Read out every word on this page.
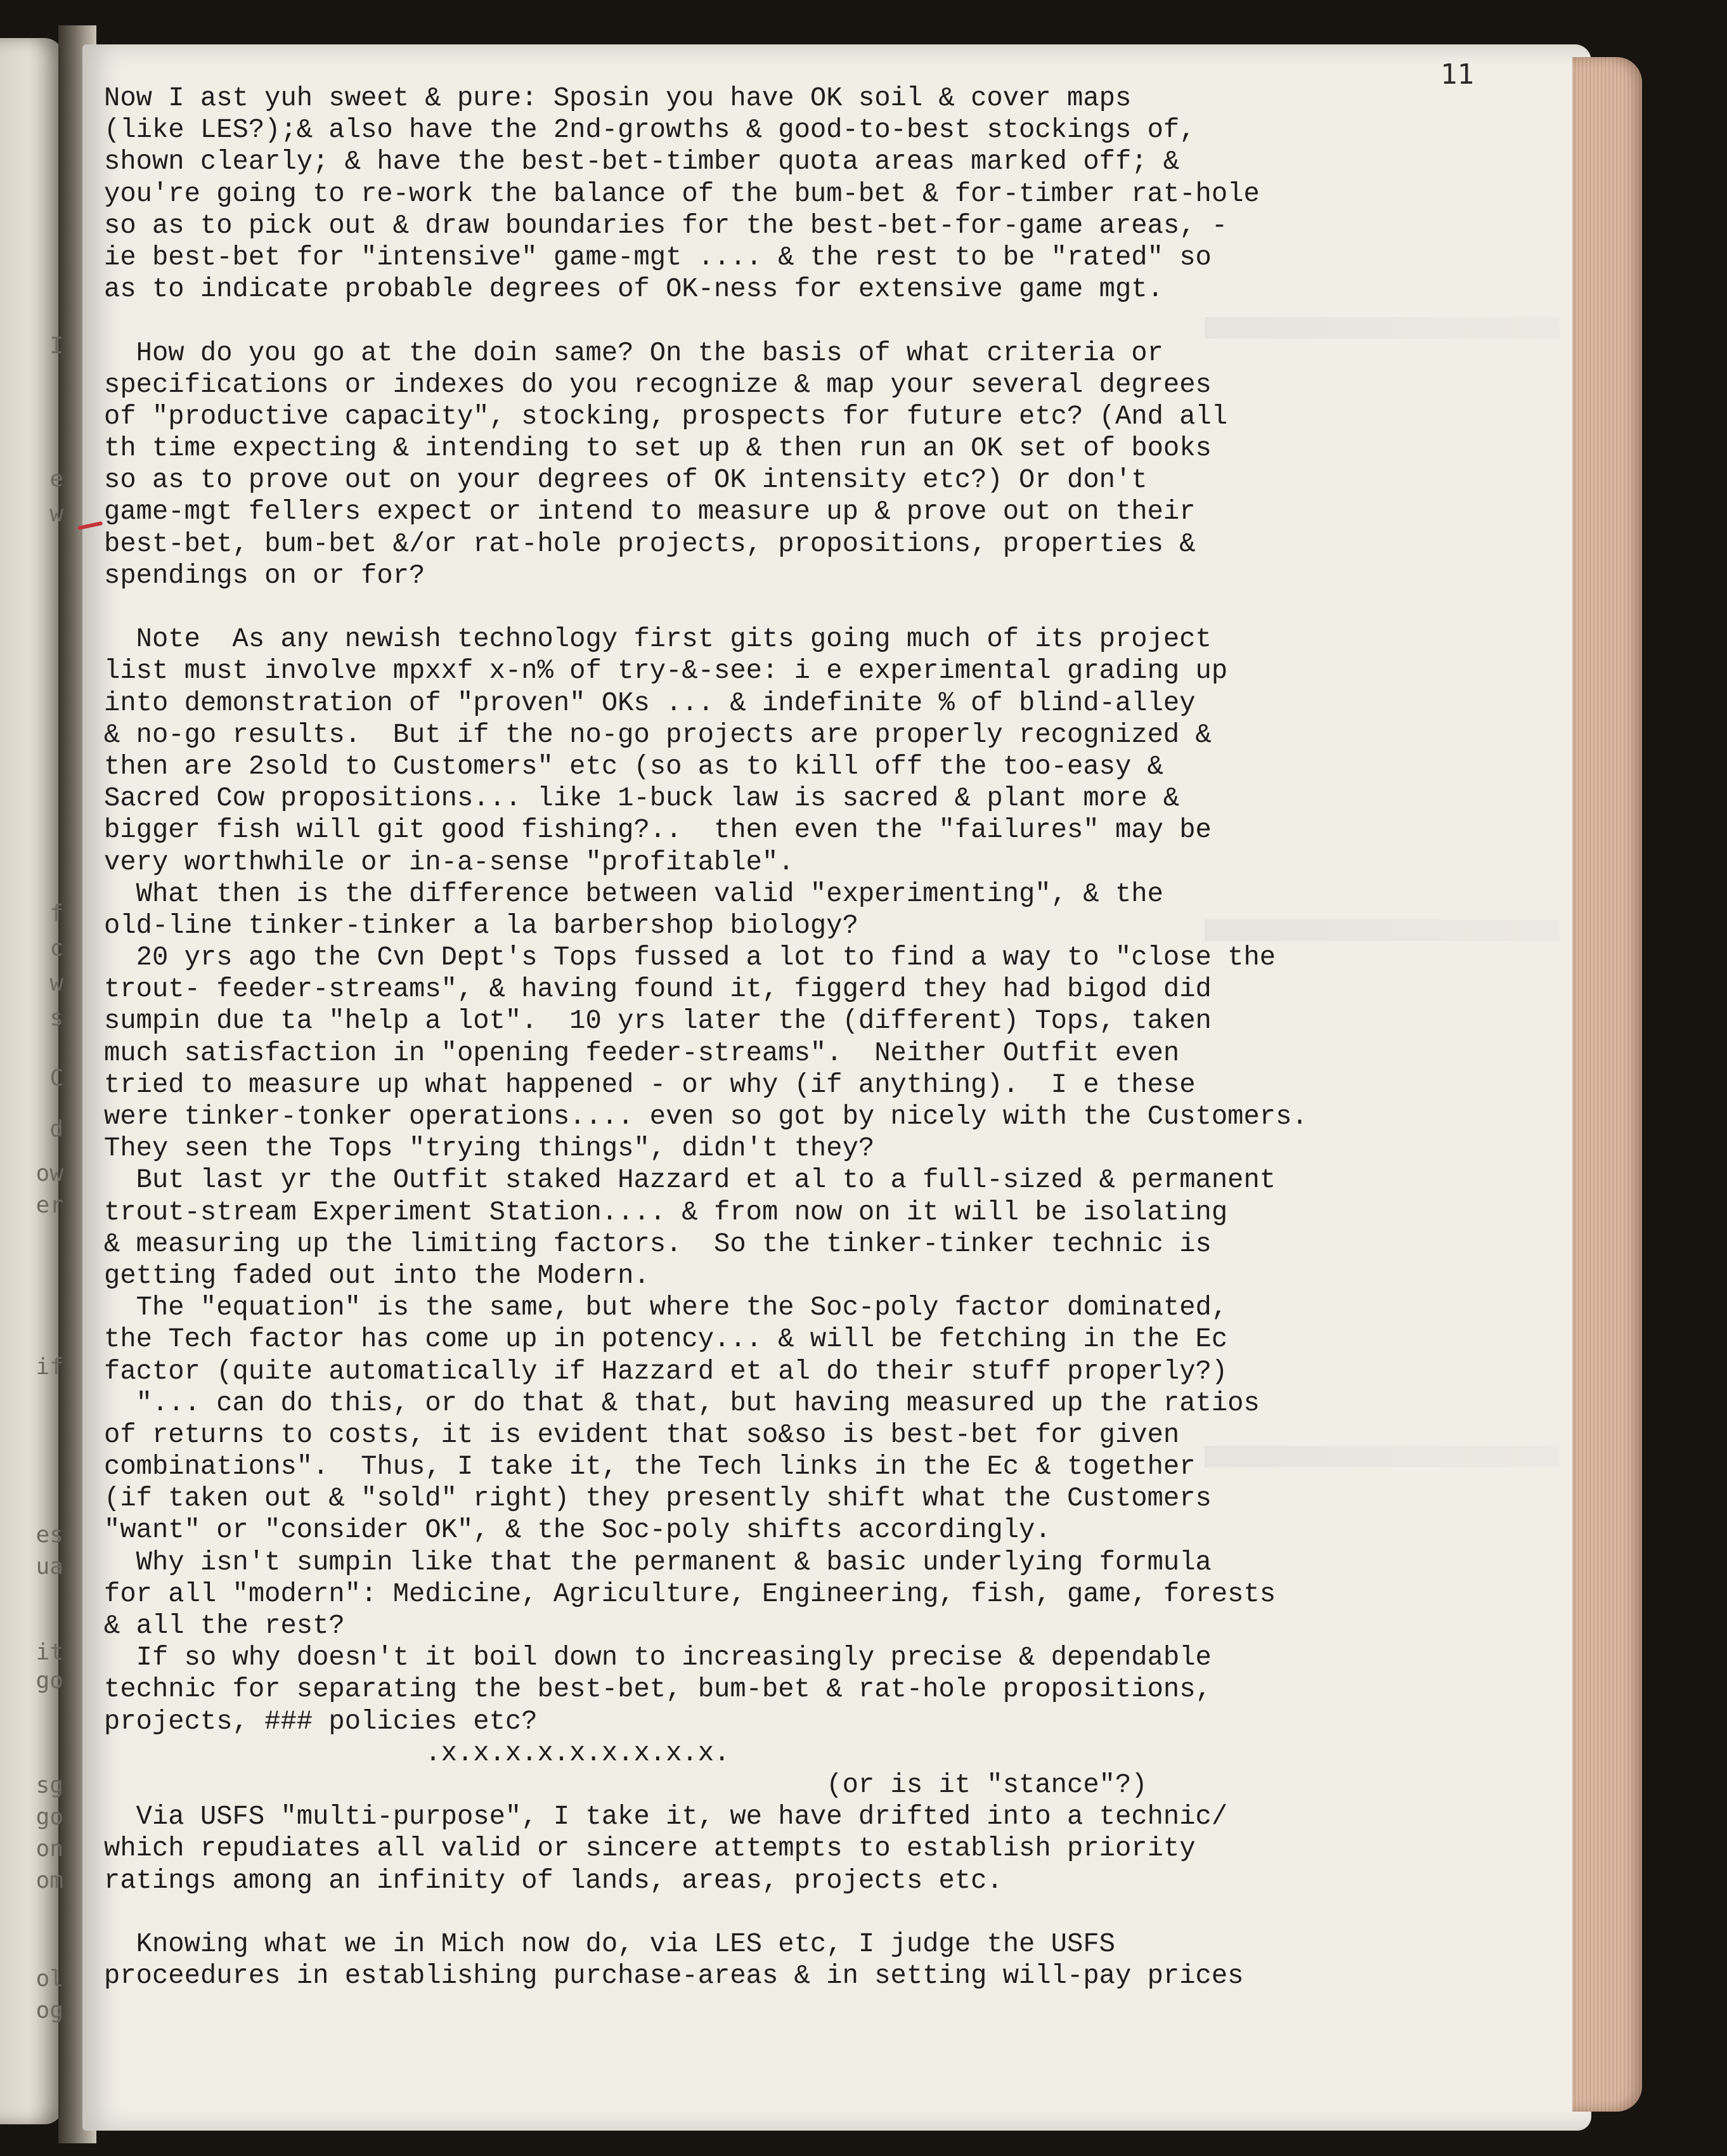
I
e
w
f
c
w
s
C
d
ow
er
if
es
ua
it
go
sg
go
on
om
ol
og
11
Now I ast yuh sweet & pure: Sposin you have OK soil & cover maps
(like LES?);& also have the 2nd-growths & good-to-best stockings of,
shown clearly; & have the best-bet-timber quota areas marked off; &
you're going to re-work the balance of the bum-bet & for-timber rat-hole
so as to pick out & draw boundaries for the best-bet-for-game areas, -
ie best-bet for "intensive" game-mgt .... & the rest to be "rated" so
as to indicate probable degrees of OK-ness for extensive game mgt.
How do you go at the doin same? On the basis of what criteria or
specifications or indexes do you recognize & map your several degrees
of "productive capacity", stocking, prospects for future etc? (And all
th time expecting & intending to set up & then run an OK set of books
so as to prove out on your degrees of OK intensity etc?) Or don't
game-mgt fellers expect or intend to measure up & prove out on their
best-bet, bum-bet &/or rat-hole projects, propositions, properties &
spendings on or for?
Note  As any newish technology first gits going much of its project
list must involve mpxxf x-n% of try-&-see: i e experimental grading up
into demonstration of "proven" OKs ... & indefinite % of blind-alley
& no-go results.  But if the no-go projects are properly recognized &
then are 2sold to Customers" etc (so as to kill off the too-easy &
Sacred Cow propositions... like 1-buck law is sacred & plant more &
bigger fish will git good fishing?..  then even the "failures" may be
very worthwhile or in-a-sense "profitable".
What then is the difference between valid "experimenting", & the
old-line tinker-tinker a la barbershop biology?
20 yrs ago the Cvn Dept's Tops fussed a lot to find a way to "close the
trout- feeder-streams", & having found it, figgerd they had bigod did
sumpin due ta "help a lot".  10 yrs later the (different) Tops, taken
much satisfaction in "opening feeder-streams".  Neither Outfit even
tried to measure up what happened - or why (if anything).  I e these
were tinker-tonker operations.... even so got by nicely with the Customers.
They seen the Tops "trying things", didn't they?
But last yr the Outfit staked Hazzard et al to a full-sized & permanent
trout-stream Experiment Station.... & from now on it will be isolating
& measuring up the limiting factors.  So the tinker-tinker technic is
getting faded out into the Modern.
The "equation" is the same, but where the Soc-poly factor dominated,
the Tech factor has come up in potency... & will be fetching in the Ec
factor (quite automatically if Hazzard et al do their stuff properly?)
"... can do this, or do that & that, but having measured up the ratios
of returns to costs, it is evident that so&so is best-bet for given
combinations".  Thus, I take it, the Tech links in the Ec & together
(if taken out & "sold" right) they presently shift what the Customers
"want" or "consider OK", & the Soc-poly shifts accordingly.
Why isn't sumpin like that the permanent & basic underlying formula
for all "modern": Medicine, Agriculture, Engineering, fish, game, forests
& all the rest?
If so why doesn't it boil down to increasingly precise & dependable
technic for separating the best-bet, bum-bet & rat-hole propositions,
projects, ### policies etc?
.x.x.x.x.x.x.x.x.x.
(or is it "stance"?)
Via USFS "multi-purpose", I take it, we have drifted into a technic/
which repudiates all valid or sincere attempts to establish priority
ratings among an infinity of lands, areas, projects etc.
Knowing what we in Mich now do, via LES etc, I judge the USFS
proceedures in establishing purchase-areas & in setting will-pay prices
